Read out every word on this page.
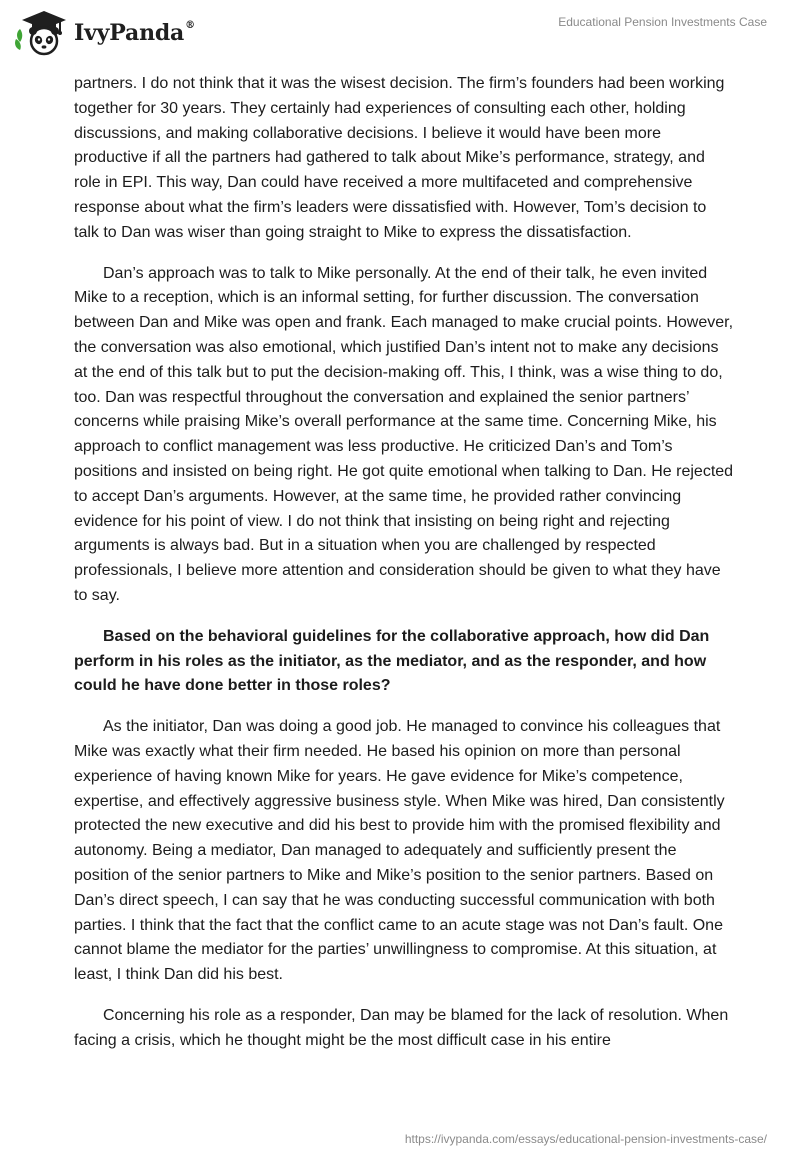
IvyPanda®	Educational Pension Investments Case

partners. I do not think that it was the wisest decision. The firm’s founders had been working together for 30 years. They certainly had experiences of consulting each other, holding discussions, and making collaborative decisions. I believe it would have been more productive if all the partners had gathered to talk about Mike’s performance, strategy, and role in EPI. This way, Dan could have received a more multifaceted and comprehensive response about what the firm’s leaders were dissatisfied with. However, Tom’s decision to talk to Dan was wiser than going straight to Mike to express the dissatisfaction.

Dan’s approach was to talk to Mike personally. At the end of their talk, he even invited Mike to a reception, which is an informal setting, for further discussion. The conversation between Dan and Mike was open and frank. Each managed to make crucial points. However, the conversation was also emotional, which justified Dan’s intent not to make any decisions at the end of this talk but to put the decision-making off. This, I think, was a wise thing to do, too. Dan was respectful throughout the conversation and explained the senior partners’ concerns while praising Mike’s overall performance at the same time. Concerning Mike, his approach to conflict management was less productive. He criticized Dan’s and Tom’s positions and insisted on being right. He got quite emotional when talking to Dan. He rejected to accept Dan’s arguments. However, at the same time, he provided rather convincing evidence for his point of view. I do not think that insisting on being right and rejecting arguments is always bad. But in a situation when you are challenged by respected professionals, I believe more attention and consideration should be given to what they have to say.

Based on the behavioral guidelines for the collaborative approach, how did Dan perform in his roles as the initiator, as the mediator, and as the responder, and how could he have done better in those roles?

As the initiator, Dan was doing a good job. He managed to convince his colleagues that Mike was exactly what their firm needed. He based his opinion on more than personal experience of having known Mike for years. He gave evidence for Mike’s competence, expertise, and effectively aggressive business style. When Mike was hired, Dan consistently protected the new executive and did his best to provide him with the promised flexibility and autonomy. Being a mediator, Dan managed to adequately and sufficiently present the position of the senior partners to Mike and Mike’s position to the senior partners. Based on Dan’s direct speech, I can say that he was conducting successful communication with both parties. I think that the fact that the conflict came to an acute stage was not Dan’s fault. One cannot blame the mediator for the parties’ unwillingness to compromise. At this situation, at least, I think Dan did his best.

Concerning his role as a responder, Dan may be blamed for the lack of resolution. When facing a crisis, which he thought might be the most difficult case in his entire

https://ivypanda.com/essays/educational-pension-investments-case/
